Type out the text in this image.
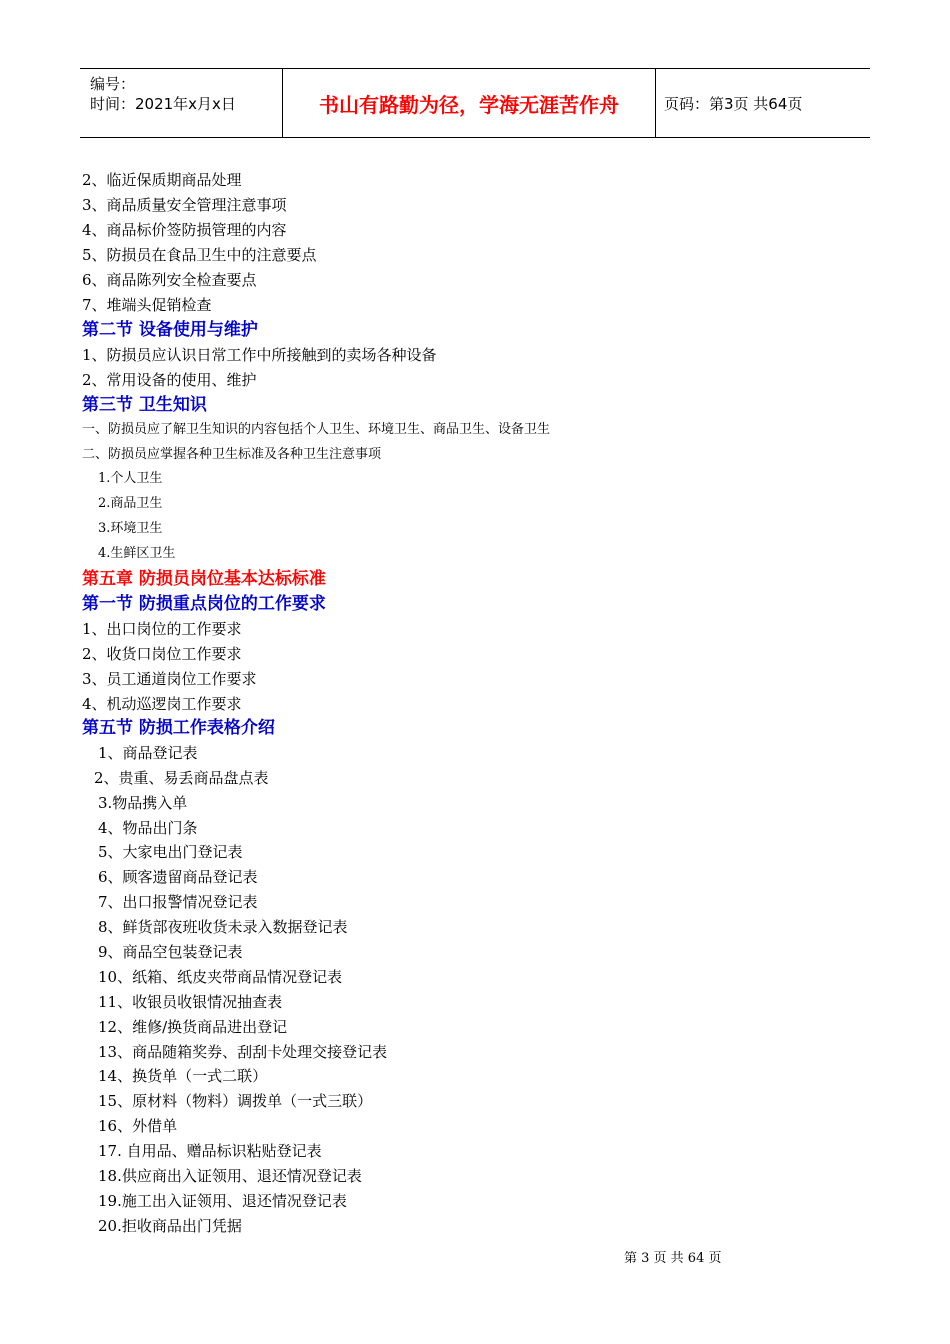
编号：
时间：2021年x月x日	书山有路勤为径，学海无涯苦作舟	页码：第3页 共64页
2、临近保质期商品处理
3、商品质量安全管理注意事项
4、商品标价签防损管理的内容
5、防损员在食品卫生中的注意要点
6、商品陈列安全检查要点
7、堆端头促销检查
第二节 设备使用与维护
1、防损员应认识日常工作中所接触到的卖场各种设备
2、常用设备的使用、维护
第三节 卫生知识
一、防损员应了解卫生知识的内容包括个人卫生、环境卫生、商品卫生、设备卫生
二、防损员应掌握各种卫生标准及各种卫生注意事项
1.个人卫生
2.商品卫生
3.环境卫生
4.生鲜区卫生
第五章 防损员岗位基本达标标准
第一节 防损重点岗位的工作要求
1、出口岗位的工作要求
2、收货口岗位工作要求
3、员工通道岗位工作要求
4、机动巡逻岗工作要求
第五节 防损工作表格介绍
1、商品登记表
2、贵重、易丢商品盘点表
3.物品携入单
4、物品出门条
5、大家电出门登记表
6、顾客遗留商品登记表
7、出口报警情况登记表
8、鲜货部夜班收货未录入数据登记表
9、商品空包装登记表
10、纸箱、纸皮夹带商品情况登记表
11、收银员收银情况抽查表
12、维修/换货商品进出登记
13、商品随箱奖券、刮刮卡处理交接登记表
14、换货单（一式二联）
15、原材料（物料）调拨单（一式三联）
16、外借单
17. 自用品、赠品标识粘贴登记表
18.供应商出入证领用、退还情况登记表
19.施工出入证领用、退还情况登记表
20.拒收商品出门凭据
第 3 页 共 64 页
